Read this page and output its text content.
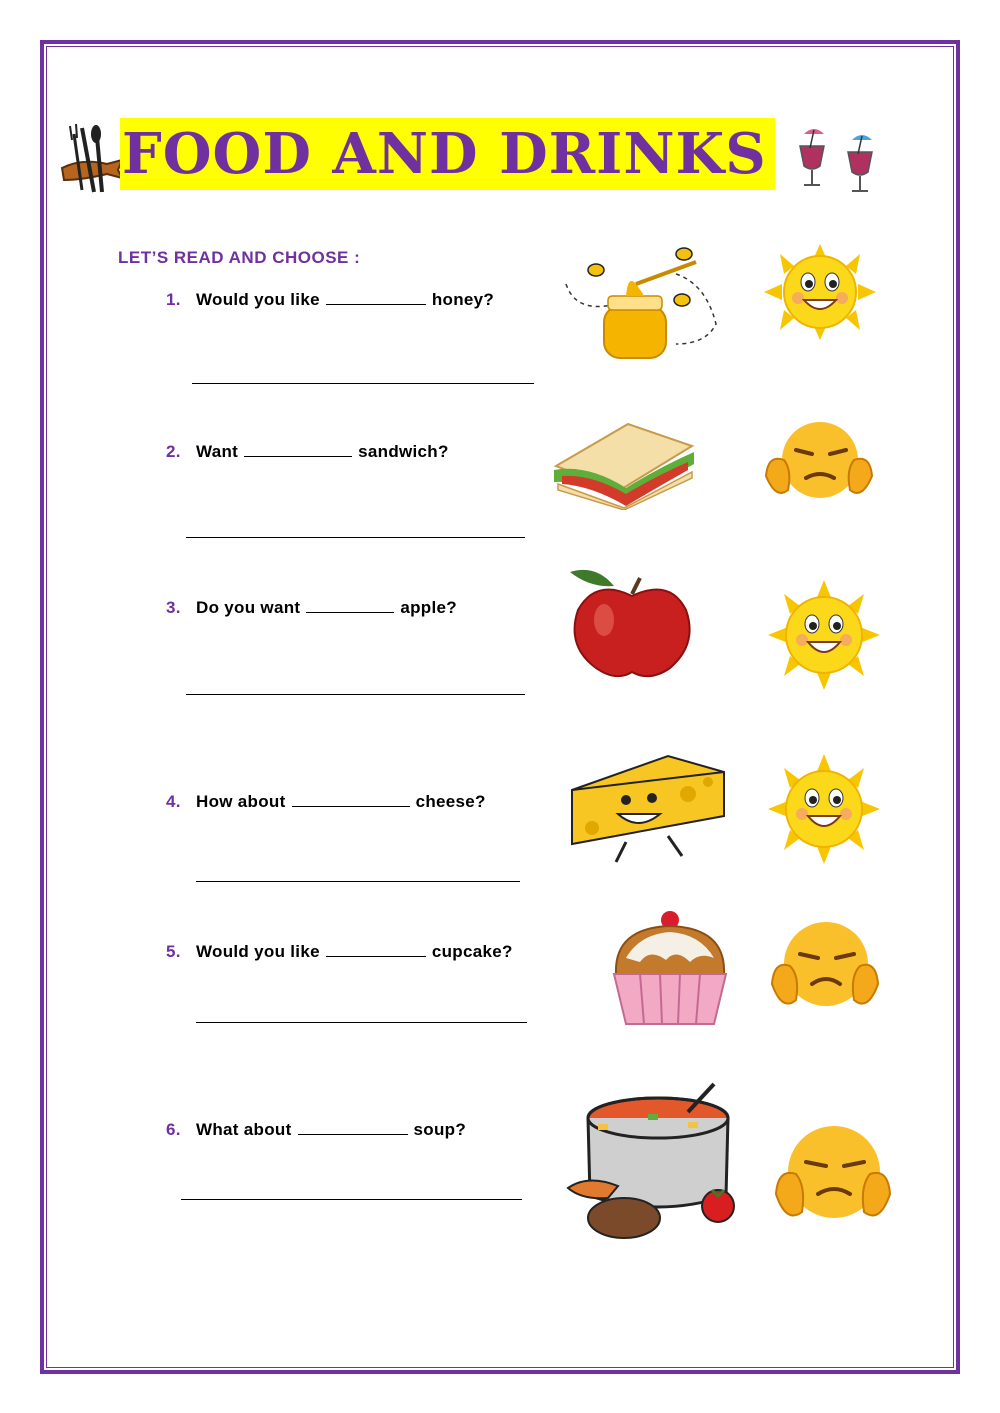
FOOD AND DRINKS
LET’S READ AND CHOOSE :
1. Would you like	honey?
2. Want	sandwich?
3. Do you want	apple?
4. How about	cheese?
5. Would you like	cupcake?
6. What about	soup?
